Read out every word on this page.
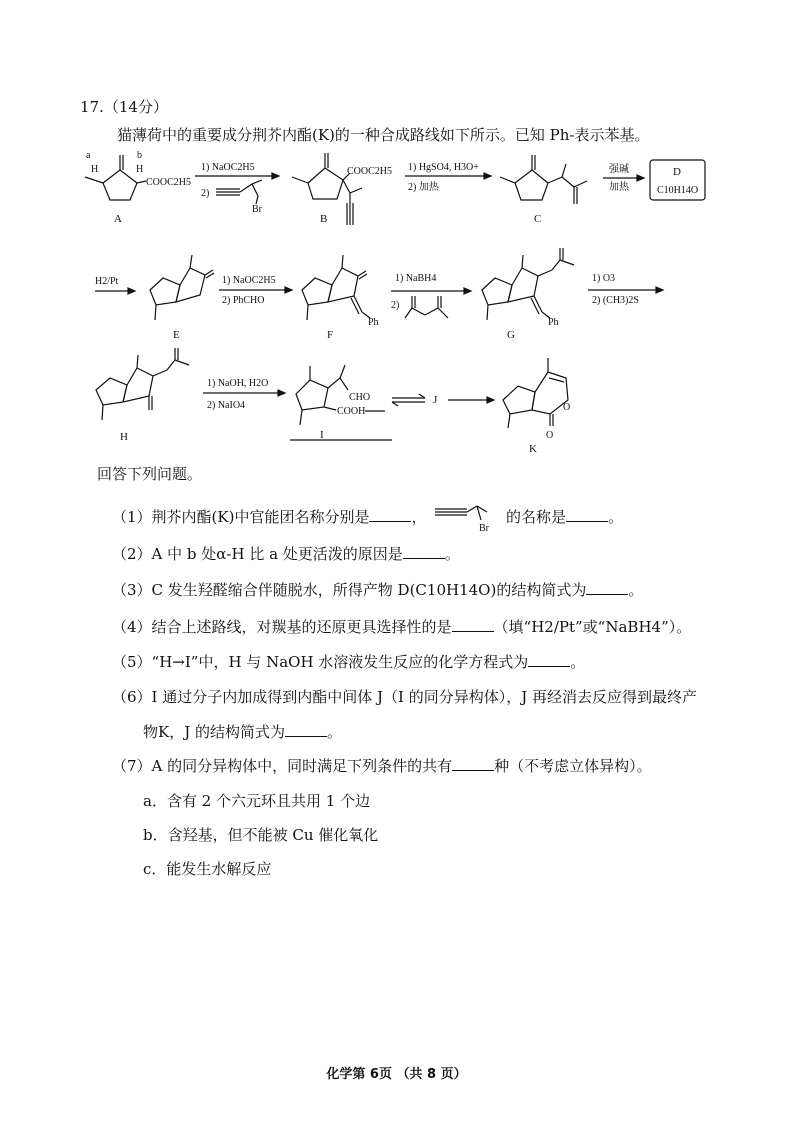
17.（14分）
猫薄荷中的重要成分荆芥内酯(K)的一种合成路线如下所示。已知 Ph-表示苯基。
a	b
H	H
COOC2H5
A
1) NaOC2H5
2)
Br
COOC2H5
B
1) HgSO4, H3O+
2) 加热
C
强碱
加热
D
C10H14O
H2/Pt
E
1) NaOC2H5
2) PhCHO
Ph
F
1) NaBH4
2)
Ph
G
1) O3
2) (CH3)2S
H
1) NaOH, H2O
2) NaIO4
CHO
COOH
I
J
O
O
K
回答下列问题。
（1）荆芥内酯(K)中官能团名称分别是	，
Br
的名称是	。
（2）A 中 b 处α-H 比 a 处更活泼的原因是	。
（3）C 发生羟醛缩合伴随脱水，所得产物 D(C10H14O)的结构简式为	。
（4）结合上述路线，对羰基的还原更具选择性的是	（填“H2/Pt”或“NaBH4”）。
（5）“H→I”中，H 与 NaOH 水溶液发生反应的化学方程式为	。
（6）I 通过分子内加成得到内酯中间体 J（I 的同分异构体），J 再经消去反应得到最终产
物K，J 的结构简式为	。
（7）A 的同分异构体中，同时满足下列条件的共有	种（不考虑立体异构）。
a．含有 2 个六元环且共用 1 个边
b．含羟基，但不能被 Cu 催化氧化
c．能发生水解反应
化学第 6页 （共 8 页）
